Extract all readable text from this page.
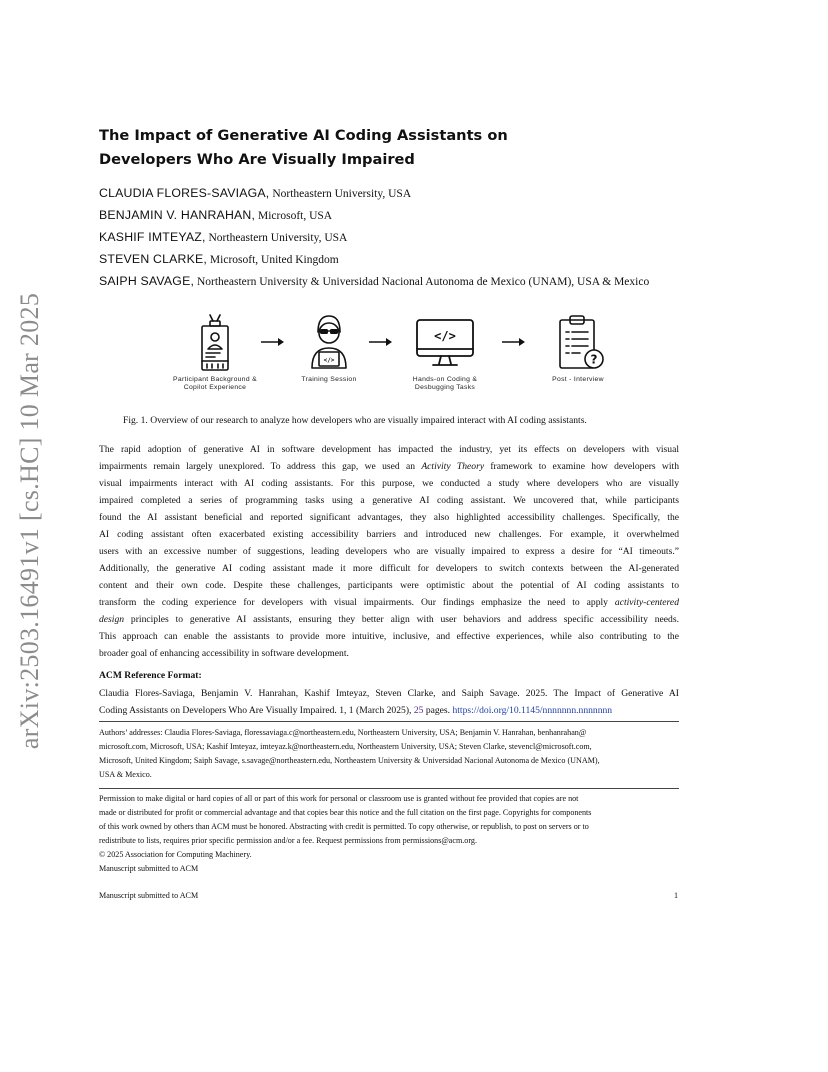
arXiv:2503.16491v1 [cs.HC] 10 Mar 2025
The Impact of Generative AI Coding Assistants on
Developers Who Are Visually Impaired
CLAUDIA FLORES-SAVIAGA, Northeastern University, USA
BENJAMIN V. HANRAHAN, Microsoft, USA
KASHIF IMTEYAZ, Northeastern University, USA
STEVEN CLARKE, Microsoft, United Kingdom
SAIPH SAVAGE, Northeastern University & Universidad Nacional Autonoma de Mexico (UNAM), USA & Mexico
Participant Background &
Copilot Experience
</>
Training Session
</>
Hands-on Coding &
Desbugging Tasks
?
Post - Interview
Fig. 1. Overview of our research to analyze how developers who are visually impaired interact with AI coding assistants.
The rapid adoption of generative AI in software development has impacted the industry, yet its effects on developers with visual
impairments remain largely unexplored. To address this gap, we used an Activity Theory framework to examine how developers with
visual impairments interact with AI coding assistants. For this purpose, we conducted a study where developers who are visually
impaired completed a series of programming tasks using a generative AI coding assistant. We uncovered that, while participants
found the AI assistant beneficial and reported significant advantages, they also highlighted accessibility challenges. Specifically, the
AI coding assistant often exacerbated existing accessibility barriers and introduced new challenges. For example, it overwhelmed
users with an excessive number of suggestions, leading developers who are visually impaired to express a desire for “AI timeouts.”
Additionally, the generative AI coding assistant made it more difficult for developers to switch contexts between the AI-generated
content and their own code. Despite these challenges, participants were optimistic about the potential of AI coding assistants to
transform the coding experience for developers with visual impairments. Our findings emphasize the need to apply activity-centered
design principles to generative AI assistants, ensuring they better align with user behaviors and address specific accessibility needs.
This approach can enable the assistants to provide more intuitive, inclusive, and effective experiences, while also contributing to the
broader goal of enhancing accessibility in software development.
ACM Reference Format:
Claudia Flores-Saviaga, Benjamin V. Hanrahan, Kashif Imteyaz, Steven Clarke, and Saiph Savage. 2025. The Impact of Generative AI
Coding Assistants on Developers Who Are Visually Impaired. 1, 1 (March 2025), 25 pages. https://doi.org/10.1145/nnnnnnn.nnnnnnn
Authors’ addresses: Claudia Flores-Saviaga, floressaviaga.c@northeastern.edu, Northeastern University, USA; Benjamin V. Hanrahan, benhanrahan@
microsoft.com, Microsoft, USA; Kashif Imteyaz, imteyaz.k@northeastern.edu, Northeastern University, USA; Steven Clarke, stevencl@microsoft.com,
Microsoft, United Kingdom; Saiph Savage, s.savage@northeastern.edu, Northeastern University & Universidad Nacional Autonoma de Mexico (UNAM),
USA & Mexico.
Permission to make digital or hard copies of all or part of this work for personal or classroom use is granted without fee provided that copies are not
made or distributed for profit or commercial advantage and that copies bear this notice and the full citation on the first page. Copyrights for components
of this work owned by others than ACM must be honored. Abstracting with credit is permitted. To copy otherwise, or republish, to post on servers or to
redistribute to lists, requires prior specific permission and/or a fee. Request permissions from permissions@acm.org.
© 2025 Association for Computing Machinery.
Manuscript submitted to ACM
Manuscript submitted to ACM	1
